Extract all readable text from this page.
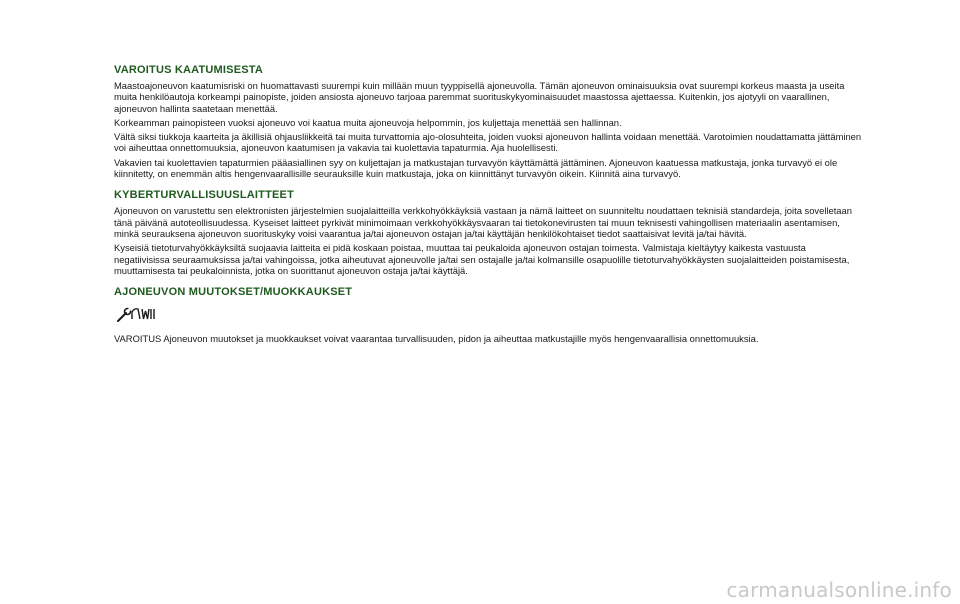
VAROITUS KAATUMISESTA

Maastoajoneuvon kaatumisriski on huomattavasti suurempi kuin millään muun tyyppisellä ajoneuvolla. Tämän ajoneuvon ominaisuuksia ovat suurempi korkeus maasta ja useita muita henkilöautoja korkeampi painopiste, joiden ansiosta ajoneuvo tarjoaa paremmat suorituskykyominaisuudet maastossa ajettaessa. Kuitenkin, jos ajotyyli on vaarallinen, ajoneuvon hallinta saatetaan menettää.

Korkeamman painopisteen vuoksi ajoneuvo voi kaatua muita ajoneuvoja helpommin, jos kuljettaja menettää sen hallinnan.

Vältä siksi tiukkoja kaarteita ja äkillisiä ohjausliikkeitä tai muita turvattomia ajo-olosuhteita, joiden vuoksi ajoneuvon hallinta voidaan menettää. Varotoimien noudattamatta jättäminen voi aiheuttaa onnettomuuksia, ajoneuvon kaatumisen ja vakavia tai kuolettavia tapaturmia. Aja huolellisesti.

Vakavien tai kuolettavien tapaturmien pääasiallinen syy on kuljettajan ja matkustajan turvavyön käyttämättä jättäminen. Ajoneuvon kaatuessa matkustaja, jonka turvavyö ei ole kiinnitetty, on enemmän altis hengenvaarallisille seurauksille kuin matkustaja, joka on kiinnittänyt turvavyön oikein. Kiinnitä aina turvavyö.

KYBERTURVALLISUUSLAITTEET

Ajoneuvon on varustettu sen elektronisten järjestelmien suojalaitteilla verkkohyökkäyksiä vastaan ja nämä laitteet on suunniteltu noudattaen teknisiä standardeja, joita sovelletaan tänä päivänä autoteollisuudessa. Kyseiset laitteet pyrkivät minimoimaan verkkohyökkäysvaaran tai tietokonevirusten tai muun teknisesti vahingollisen materiaalin asentamisen, minkä seurauksena ajoneuvon suorituskyky voisi vaarantua ja/tai ajoneuvon ostajan ja/tai käyttäjän henkilökohtaiset tiedot saattaisivat levitä ja/tai hävitä.

Kyseisiä tietoturvahyökkäyksiltä suojaavia laitteita ei pidä koskaan poistaa, muuttaa tai peukaloida ajoneuvon ostajan toimesta. Valmistaja kieltäytyy kaikesta vastuusta negatiivisissa seuraamuksissa ja/tai vahingoissa, jotka aiheutuvat ajoneuvolle ja/tai sen ostajalle ja/tai kolmansille osapuolille tietoturvahyökkäysten suojalaitteiden poistamisesta, muuttamisesta tai peukaloinnista, jotka on suorittanut ajoneuvon ostaja ja/tai käyttäjä.

AJONEUVON MUUTOKSET/MUOKKAUKSET

VAROITUS Ajoneuvon muutokset ja muokkaukset voivat vaarantaa turvallisuuden, pidon ja aiheuttaa matkustajille myös hengenvaarallisia onnettomuuksia.

carmanualsonline.info
